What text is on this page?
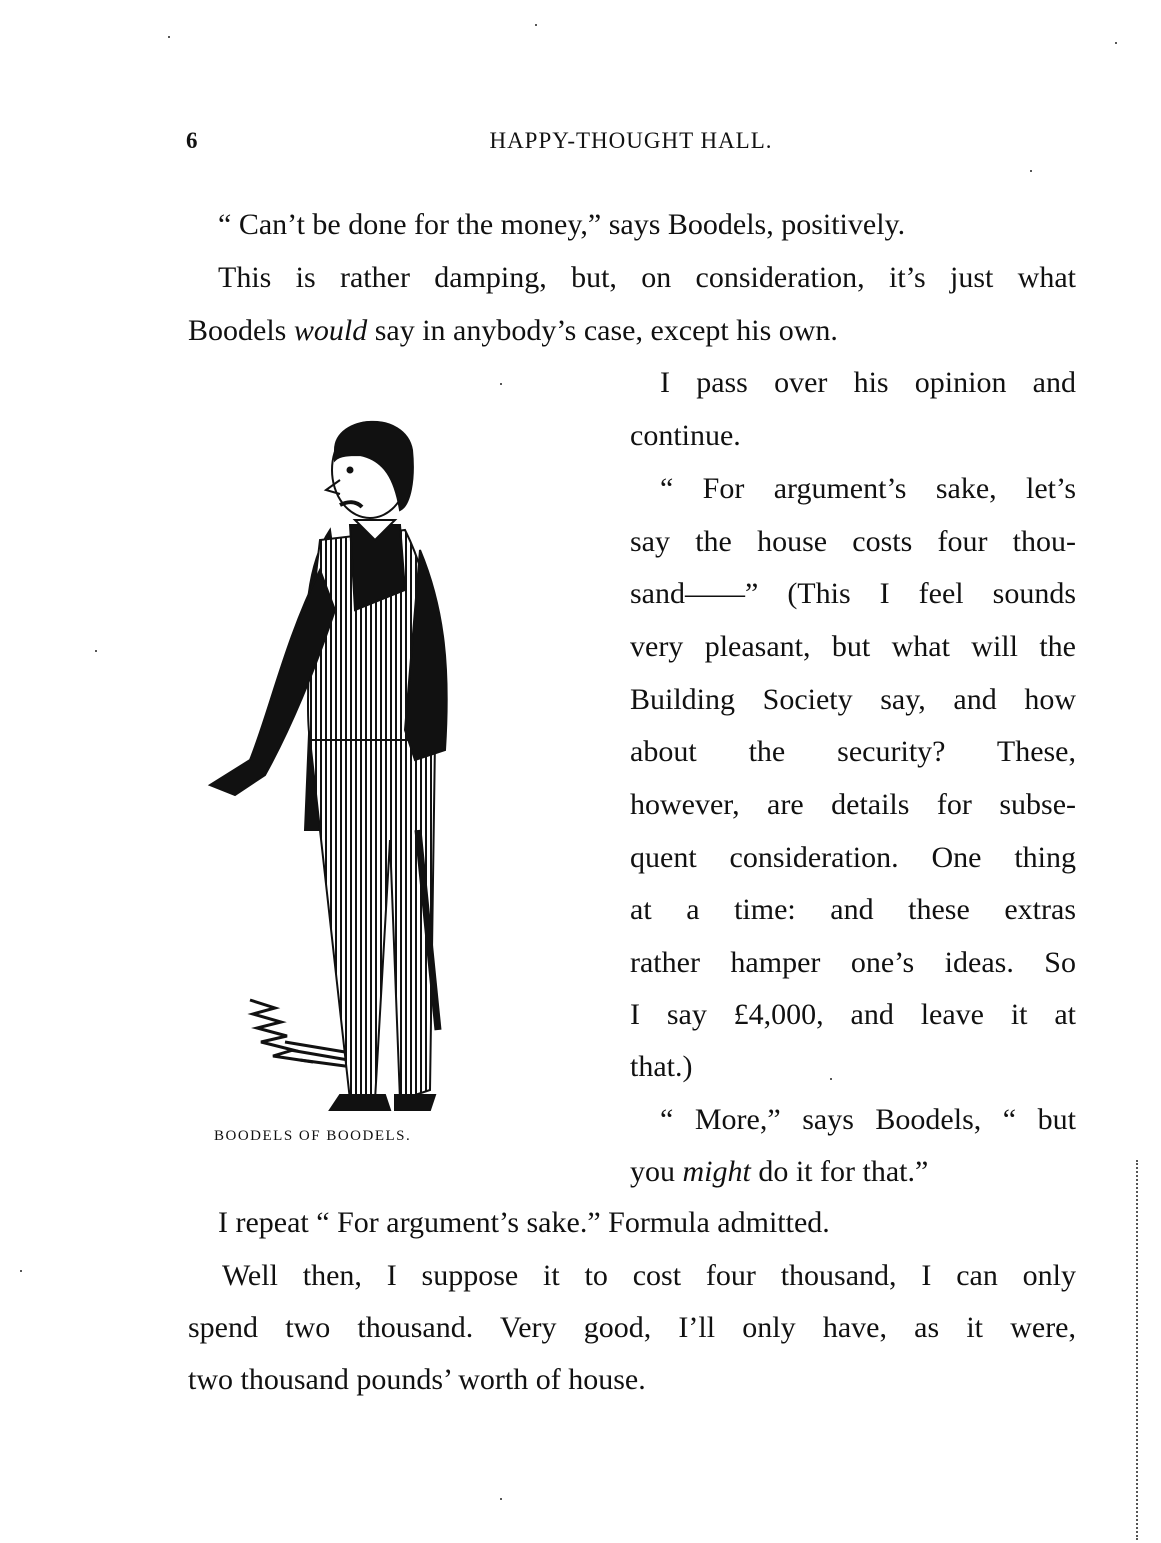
6	HAPPY-THOUGHT HALL.
“ Can’t be done for the money,” says Boodels, positively.
This is rather damping, but, on consideration, it’s just what
Boodels would say in anybody’s case, except his own.
I pass over his opinion and
continue.
“ For argument’s sake, let’s
say the house costs four thou-
sand——” (This I feel sounds
very pleasant, but what will the
Building Society say, and how
about the security? These,
however, are details for subse-
quent consideration. One thing
at a time: and these extras
rather hamper one’s ideas. So
I say £4,000, and leave it at
that.)
“ More,” says Boodels, “ but
you might do it for that.”
I repeat “ For argument’s sake.” Formula admitted.
Well then, I suppose it to cost four thousand, I can only
spend two thousand. Very good, I’ll only have, as it were,
two thousand pounds’ worth of house.
BOODELS OF BOODELS.
